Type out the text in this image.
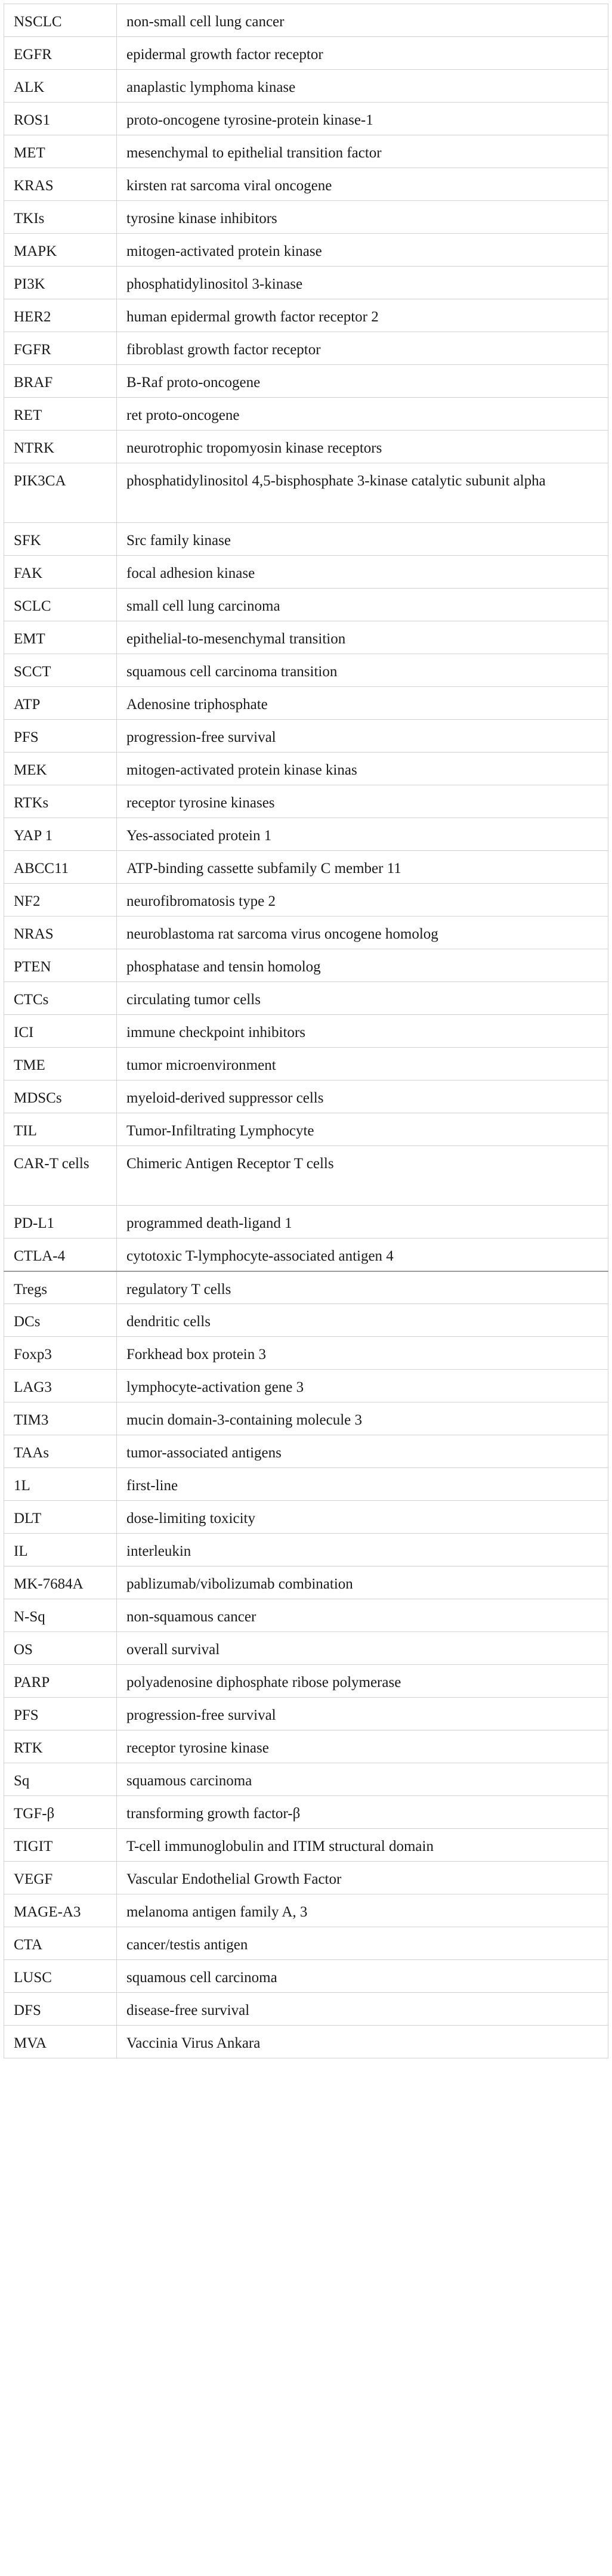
NSCLC	non-small cell lung cancer
EGFR	epidermal growth factor receptor
ALK	anaplastic lymphoma kinase
ROS1	proto-oncogene tyrosine-protein kinase-1
MET	mesenchymal to epithelial transition factor
KRAS	kirsten rat sarcoma viral oncogene
TKIs	tyrosine kinase inhibitors
MAPK	mitogen-activated protein kinase
PI3K	phosphatidylinositol 3-kinase
HER2	human epidermal growth factor receptor 2
FGFR	fibroblast growth factor receptor
BRAF	B-Raf proto-oncogene
RET	ret proto-oncogene
NTRK	neurotrophic tropomyosin kinase receptors
PIK3CA	phosphatidylinositol 4,5-bisphosphate 3-kinase catalytic subunit alpha
SFK	Src family kinase
FAK	focal adhesion kinase
SCLC	small cell lung carcinoma
EMT	epithelial-to-mesenchymal transition
SCCT	squamous cell carcinoma transition
ATP	Adenosine triphosphate
PFS	progression-free survival
MEK	mitogen-activated protein kinase kinas
RTKs	receptor tyrosine kinases
YAP 1	Yes-associated protein 1
ABCC11	ATP-binding cassette subfamily C member 11
NF2	neurofibromatosis type 2
NRAS	neuroblastoma rat sarcoma virus oncogene homolog
PTEN	phosphatase and tensin homolog
CTCs	circulating tumor cells
ICI	immune checkpoint inhibitors
TME	tumor microenvironment
MDSCs	myeloid-derived suppressor cells
TIL	Tumor-Infiltrating Lymphocyte
CAR-T cells	Chimeric Antigen Receptor T cells
PD-L1	programmed death-ligand 1
CTLA-4	cytotoxic T-lymphocyte-associated antigen 4
Tregs	regulatory T cells
DCs	dendritic cells
Foxp3	Forkhead box protein 3
LAG3	lymphocyte-activation gene 3
TIM3	mucin domain-3-containing molecule 3
TAAs	tumor-associated antigens
1L	first-line
DLT	dose-limiting toxicity
IL	interleukin
MK-7684A	pablizumab/vibolizumab combination
N-Sq	non-squamous cancer
OS	overall survival
PARP	polyadenosine diphosphate ribose polymerase
PFS	progression-free survival
RTK	receptor tyrosine kinase
Sq	squamous carcinoma
TGF-β	transforming growth factor-β
TIGIT	T-cell immunoglobulin and ITIM structural domain
VEGF	Vascular Endothelial Growth Factor
MAGE-A3	melanoma antigen family A, 3
CTA	cancer/testis antigen
LUSC	squamous cell carcinoma
DFS	disease-free survival
MVA	Vaccinia Virus Ankara
